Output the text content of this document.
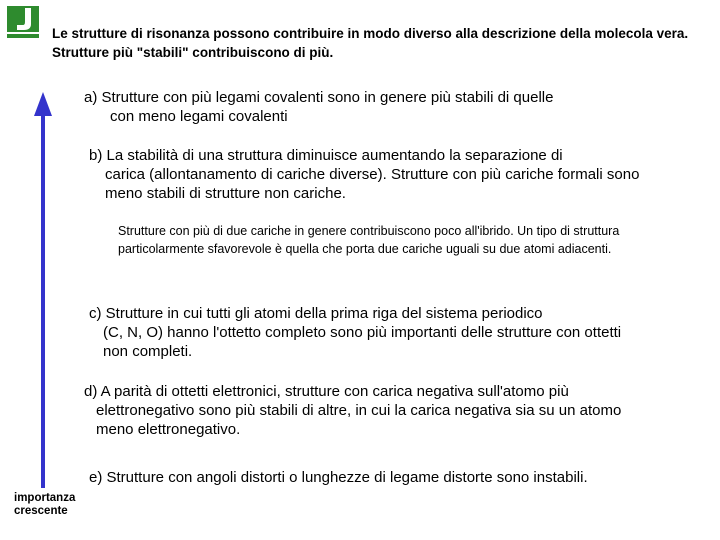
Le strutture di risonanza possono contribuire in modo diverso alla descrizione della molecola vera. Strutture più "stabili" contribuiscono di più.
importanza
crescente
a) Strutture con più legami covalenti sono in genere più stabili di quelle
con meno legami covalenti
b) La stabilità di una struttura diminuisce aumentando la separazione di
carica (allontanamento di cariche diverse). Strutture con più cariche formali sono meno stabili di strutture non cariche.
Strutture con più di due cariche in genere contribuiscono poco all'ibrido. Un tipo di struttura particolarmente sfavorevole è quella che porta due cariche uguali su due atomi adiacenti.
c) Strutture in cui tutti gli atomi della prima riga del sistema periodico
(C, N, O) hanno l'ottetto completo sono più importanti delle strutture con ottetti non completi.
d) A parità di ottetti elettronici, strutture con carica negativa sull'atomo più
elettronegativo sono più stabili di altre, in cui la carica negativa sia su un atomo meno elettronegativo.
e) Strutture con angoli distorti o lunghezze di legame distorte sono instabili.
